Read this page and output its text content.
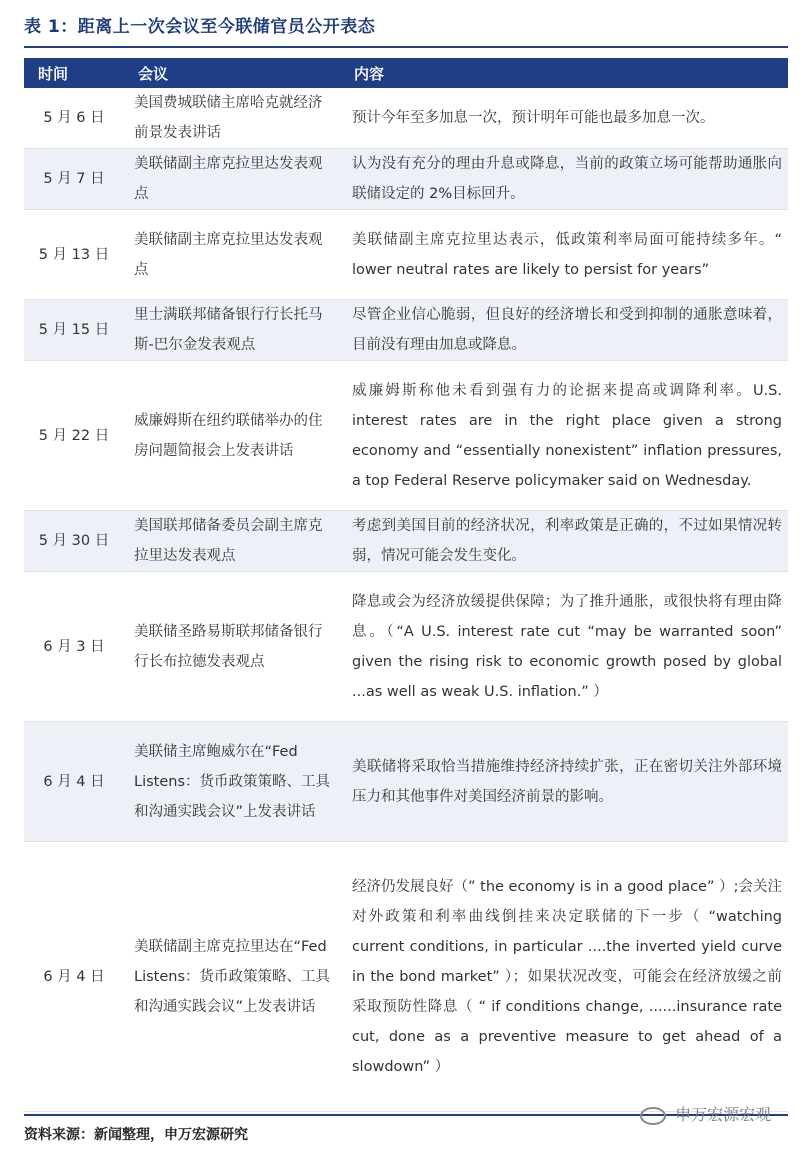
表 1：距离上一次会议至今联储官员公开表态
时间	会议	内容
5 月 6 日	美国费城联储主席哈克就经济前景发表讲话	预计今年至多加息一次，预计明年可能也最多加息一次。
5 月 7 日	美联储副主席克拉里达发表观点	认为没有充分的理由升息或降息，当前的政策立场可能帮助通胀向联储设定的 2%目标回升。
5 月 13 日	美联储副主席克拉里达发表观点	美联储副主席克拉里达表示，低政策利率局面可能持续多年。“ lower neutral rates are likely to persist for years”
5 月 15 日	里士满联邦储备银行行长托马斯-巴尔金发表观点	尽管企业信心脆弱，但良好的经济增长和受到抑制的通胀意味着，目前没有理由加息或降息。
5 月 22 日	威廉姆斯在纽约联储举办的住房问题简报会上发表讲话	威廉姆斯称他未看到强有力的论据来提高或调降利率。U.S. interest rates are in the right place given a strong economy and “essentially nonexistent” inflation pressures, a top Federal Reserve policymaker said on Wednesday.
5 月 30 日	美国联邦储备委员会副主席克拉里达发表观点	考虑到美国目前的经济状况，利率政策是正确的，不过如果情况转弱，情况可能会发生变化。
6 月 3 日	美联储圣路易斯联邦储备银行行长布拉德发表观点	降息或会为经济放缓提供保障；为了推升通胀，或很快将有理由降息。（“A U.S. interest rate cut “may be warranted soon” given the rising risk to economic growth posed by global ...as well as weak U.S. inflation.” ）
6 月 4 日	美联储主席鲍威尔在“Fed Listens：货币政策策略、工具和沟通实践会议”上发表讲话	美联储将采取恰当措施维持经济持续扩张，正在密切关注外部环境压力和其他事件对美国经济前景的影响。
6 月 4 日	美联储副主席克拉里达在“Fed Listens：货币政策策略、工具和沟通实践会议”上发表讲话	经济仍发展良好（” the economy is in a good place” ）;会关注对外政策和利率曲线倒挂来决定联储的下一步（ “watching current conditions, in particular ....the inverted yield curve in the bond market” ）；如果状况改变，可能会在经济放缓之前采取预防性降息（ “ if conditions change, ......insurance rate cut, done as a preventive measure to get ahead of a slowdown” ）
资料来源：新闻整理，申万宏源研究
申万宏源宏观
